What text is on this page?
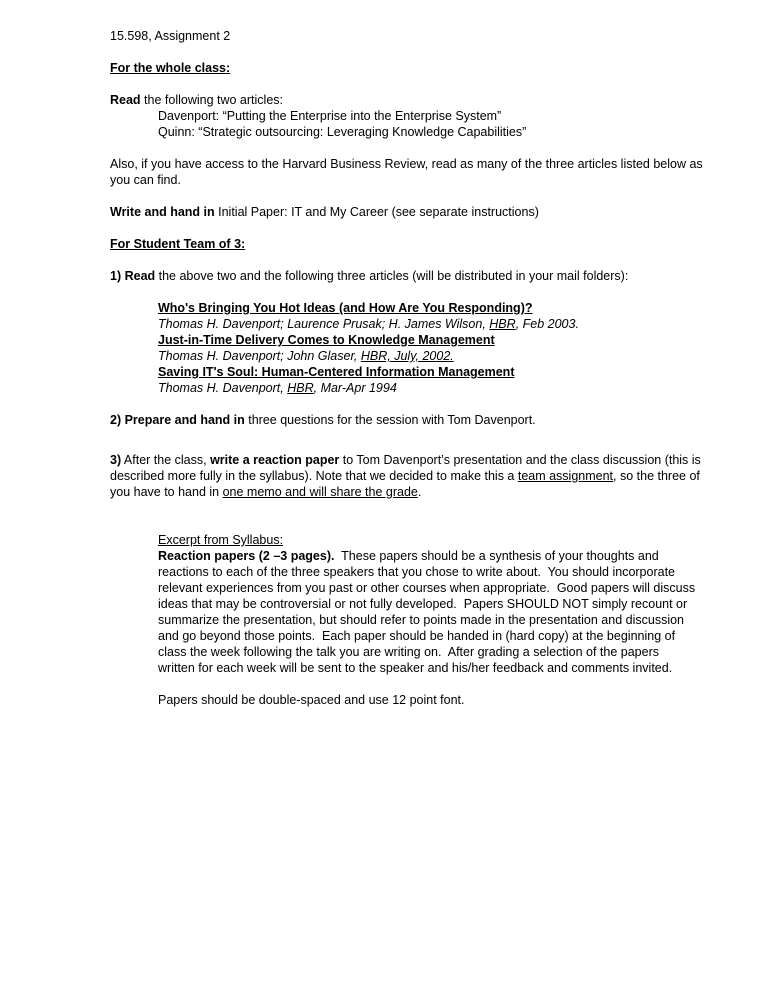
15.598, Assignment 2

For the whole class:

Read the following two articles:

Davenport: “Putting the Enterprise into the Enterprise System”

Quinn: “Strategic outsourcing: Leveraging Knowledge Capabilities”

Also, if you have access to the Harvard Business Review, read as many of the three articles listed below as you can find.

Write and hand in Initial Paper: IT and My Career (see separate instructions)

For Student Team of 3:

1) Read the above two and the following three articles (will be distributed in your mail folders):

Who's Bringing You Hot Ideas (and How Are You Responding)?

Thomas H. Davenport; Laurence Prusak; H. James Wilson, HBR, Feb 2003.

Just-in-Time Delivery Comes to Knowledge Management

Thomas H. Davenport; John Glaser, HBR, July, 2002.

Saving IT's Soul: Human-Centered Information Management

Thomas H. Davenport, HBR, Mar-Apr 1994

2) Prepare and hand in three questions for the session with Tom Davenport.

3) After the class, write a reaction paper to Tom Davenport’s presentation and the class discussion (this is described more fully in the syllabus). Note that we decided to make this a team assignment, so the three of you have to hand in one memo and will share the grade.

Excerpt from Syllabus:

Reaction papers (2 –3 pages).  These papers should be a synthesis of your thoughts and reactions to each of the three speakers that you chose to write about.  You should incorporate relevant experiences from you past or other courses when appropriate.  Good papers will discuss ideas that may be controversial or not fully developed.  Papers SHOULD NOT simply recount or summarize the presentation, but should refer to points made in the presentation and discussion and go beyond those points.  Each paper should be handed in (hard copy) at the beginning of class the week following the talk you are writing on.  After grading a selection of the papers written for each week will be sent to the speaker and his/her feedback and comments invited.

Papers should be double-spaced and use 12 point font.
